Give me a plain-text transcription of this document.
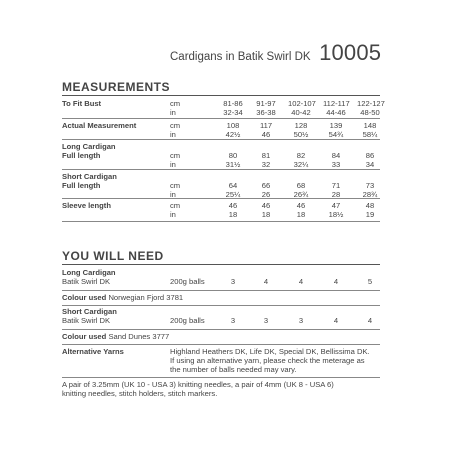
Cardigans in Batik Swirl DK 10005
MEASUREMENTS
To Fit Bust	cm	81-86	91-97	102-107 112-117 122-127
in	32-34	36-38	40-42	44-46	48-50
Actual Measurement	cm	108	117	128	139	148
in	42½	46	50½	54¾	58¼
Long Cardigan
Full length	cm	80	81	82	84	86
in	31½	32	32¼	33	34
Short Cardigan
Full length	cm	64	66	68	71	73
in	25¼	26	26¾	28	28¾
Sleeve length	cm	46	46	46	47	48
in	18	18	18	18½	19
YOU WILL NEED
Long Cardigan
Batik Swirl DK	200g balls	3	4	4	4	5
Colour used Norwegian Fjord 3781
Short Cardigan
Batik Swirl DK	200g balls	3	3	3	4	4
Colour used Sand Dunes 3777
Alternative Yarns	Highland Heathers DK, Life DK, Special DK, Bellissima DK.
If using an alternative yarn, please check the meterage as
the number of balls needed may vary.
A pair of 3.25mm (UK 10 - USA 3) knitting needles, a pair of 4mm (UK 8 - USA 6)
knitting needles, stitch holders, stitch markers.
